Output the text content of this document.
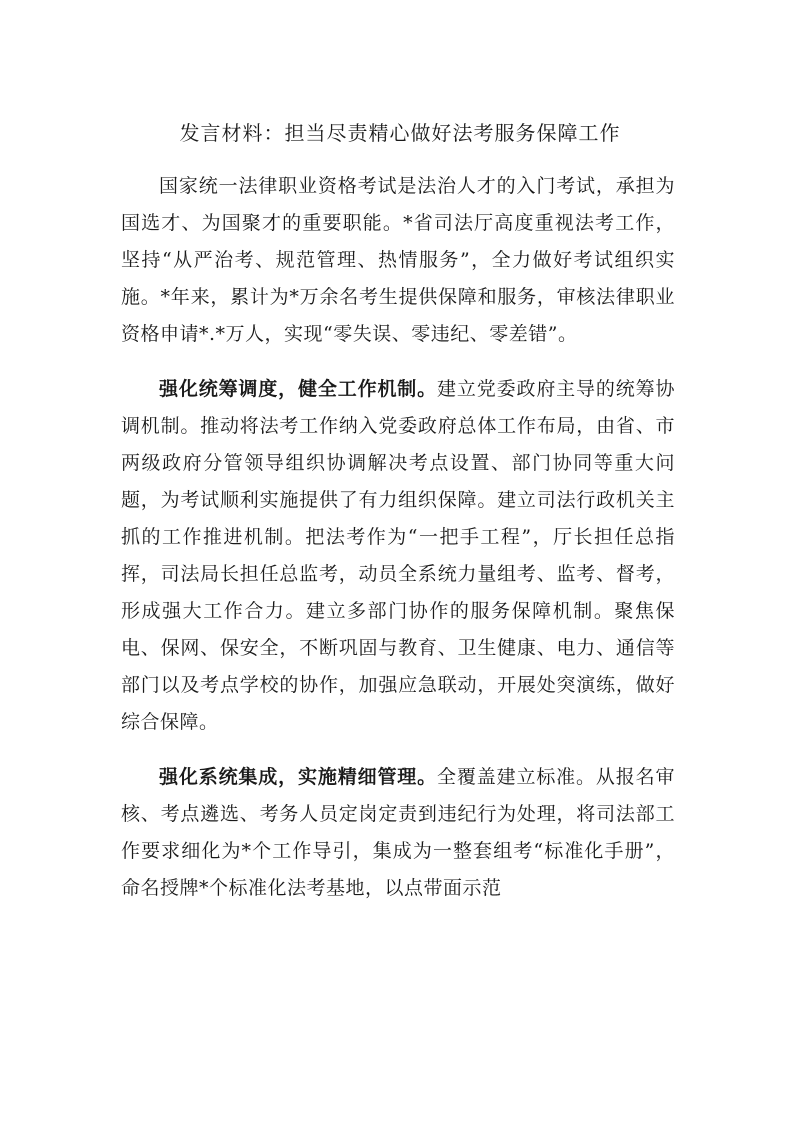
发言材料：担当尽责精心做好法考服务保障工作

国家统一法律职业资格考试是法治人才的入门考试，承担为国选才、为国聚才的重要职能。*省司法厅高度重视法考工作，坚持“从严治考、规范管理、热情服务”，全力做好考试组织实施。*年来，累计为*万余名考生提供保障和服务，审核法律职业资格申请*.*万人，实现“零失误、零违纪、零差错”。

强化统筹调度，健全工作机制。建立党委政府主导的统筹协调机制。推动将法考工作纳入党委政府总体工作布局，由省、市两级政府分管领导组织协调解决考点设置、部门协同等重大问题，为考试顺利实施提供了有力组织保障。建立司法行政机关主抓的工作推进机制。把法考作为“一把手工程”，厅长担任总指挥，司法局长担任总监考，动员全系统力量组考、监考、督考，形成强大工作合力。建立多部门协作的服务保障机制。聚焦保电、保网、保安全，不断巩固与教育、卫生健康、电力、通信等部门以及考点学校的协作，加强应急联动，开展处突演练，做好综合保障。

强化系统集成，实施精细管理。全覆盖建立标准。从报名审核、考点遴选、考务人员定岗定责到违纪行为处理，将司法部工作要求细化为*个工作导引，集成为一整套组考“标准化手册”，命名授牌*个标准化法考基地，以点带面示范
